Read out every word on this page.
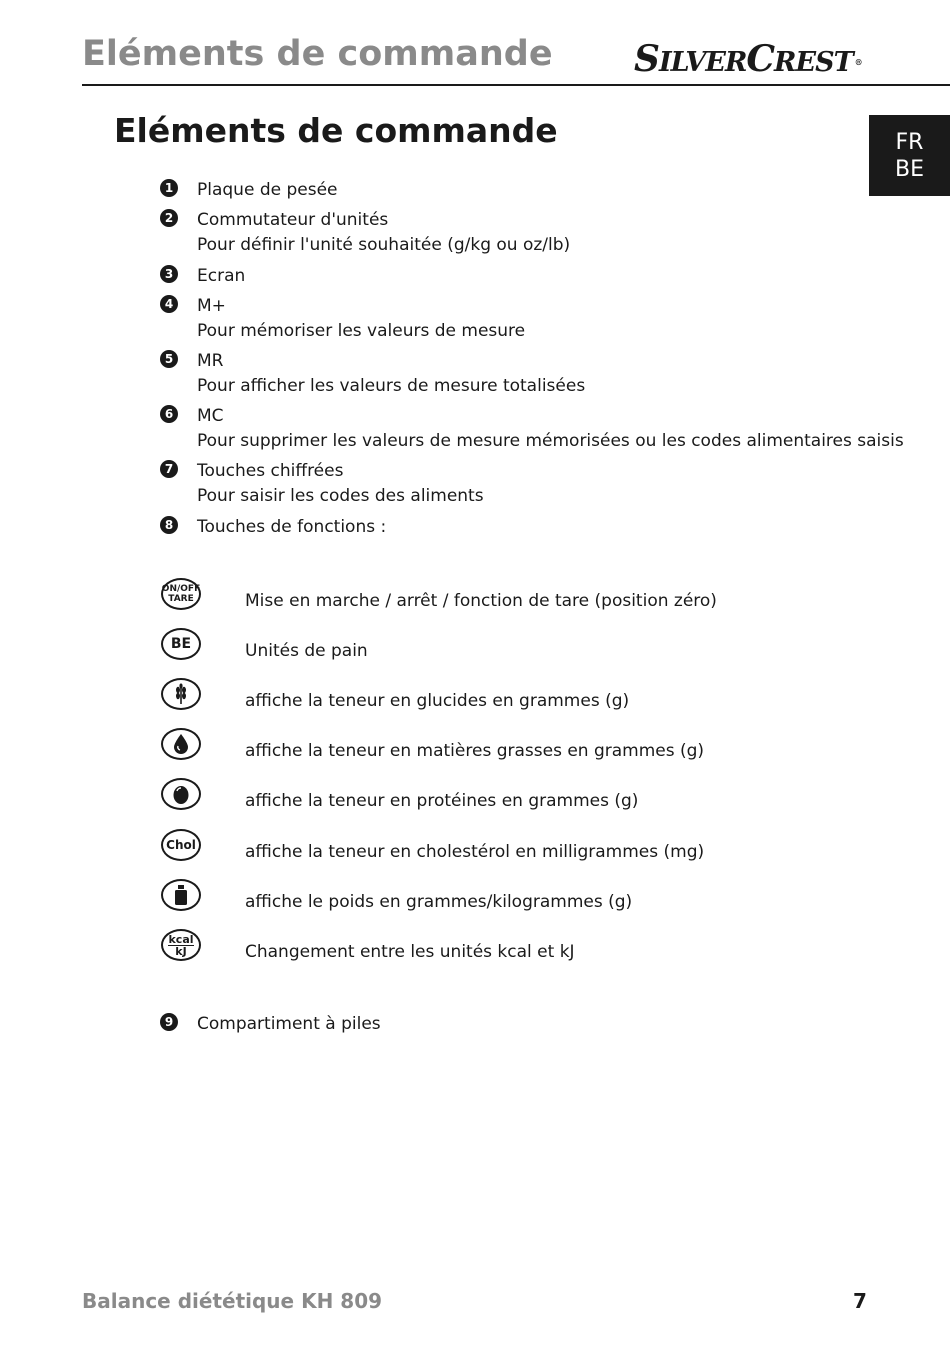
Eléments de commande SILVERCREST ®
FR
BE
Eléments de commande
1 Plaque de pesée
2 Commutateur d'unités
Pour définir l'unité souhaitée (g/kg ou oz/lb)
3 Ecran
4 M+
Pour mémoriser les valeurs de mesure
5 MR
Pour afficher les valeurs de mesure totalisées
6 MC
Pour supprimer les valeurs de mesure mémorisées ou les codes alimentaires saisis
7 Touches chiffrées
Pour saisir les codes des aliments
8 Touches de fonctions :
ON/OFF
TARE	Mise en marche / arrêt / fonction de tare (position zéro)
BE	Unités de pain
affiche la teneur en glucides en grammes (g)
affiche la teneur en matières grasses en grammes (g)
affiche la teneur en protéines en grammes (g)
Chol	affiche la teneur en cholestérol en milligrammes (mg)
affiche le poids en grammes/kilogrammes (g)
kcal
kJ	Changement entre les unités kcal et kJ
9 Compartiment à piles
Balance diététique KH 809	7
